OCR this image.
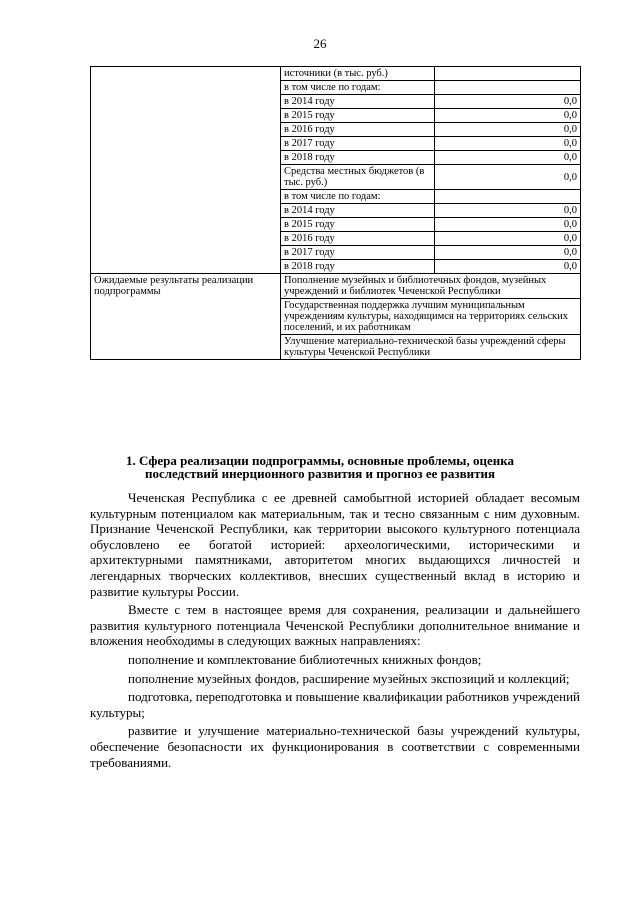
26
	источники (в тыс. руб.)	
	в том числе по годам:	
	в 2014 году	0,0
	в 2015 году	0,0
	в 2016 году	0,0
	в 2017 году	0,0
	в 2018 году	0,0
	Средства местных бюджетов (в тыс. руб.)	0,0
	в том числе по годам:	
	в 2014 году	0,0
	в 2015 году	0,0
	в 2016 году	0,0
	в 2017 году	0,0
	в 2018 году	0,0
Ожидаемые результаты реализации подпрограммы	Пополнение музейных и библиотечных фондов, музейных учреждений и библиотек Чеченской Республики	
	Государственная поддержка лучшим муниципальным учреждениям культуры, находящимся на территориях сельских поселений, и их работникам	
	Улучшение материально-технической базы учреждений сферы культуры Чеченской Республики	
1. Сфера реализации подпрограммы, основные проблемы, оценка
последствий инерционного развития и прогноз ее развития

Чеченская Республика с ее древней самобытной историей обладает весомым культурным потенциалом как материальным, так и тесно связанным с ним духовным. Признание Чеченской Республики, как территории высокого культурного потенциала обусловлено ее богатой историей: археологическими, историческими и архитектурными памятниками, авторитетом многих выдающихся личностей и легендарных творческих коллективов, внесших существенный вклад в историю и развитие культуры России.

Вместе с тем в настоящее время для сохранения, реализации и дальнейшего развития культурного потенциала Чеченской Республики дополнительное внимание и вложения необходимы в следующих важных направлениях:

пополнение и комплектование библиотечных книжных фондов;

пополнение музейных фондов, расширение музейных экспозиций и коллекций;

подготовка, переподготовка и повышение квалификации работников учреждений культуры;

развитие и улучшение материально-технической базы учреждений культуры, обеспечение безопасности их функционирования в соответствии с современными требованиями.
